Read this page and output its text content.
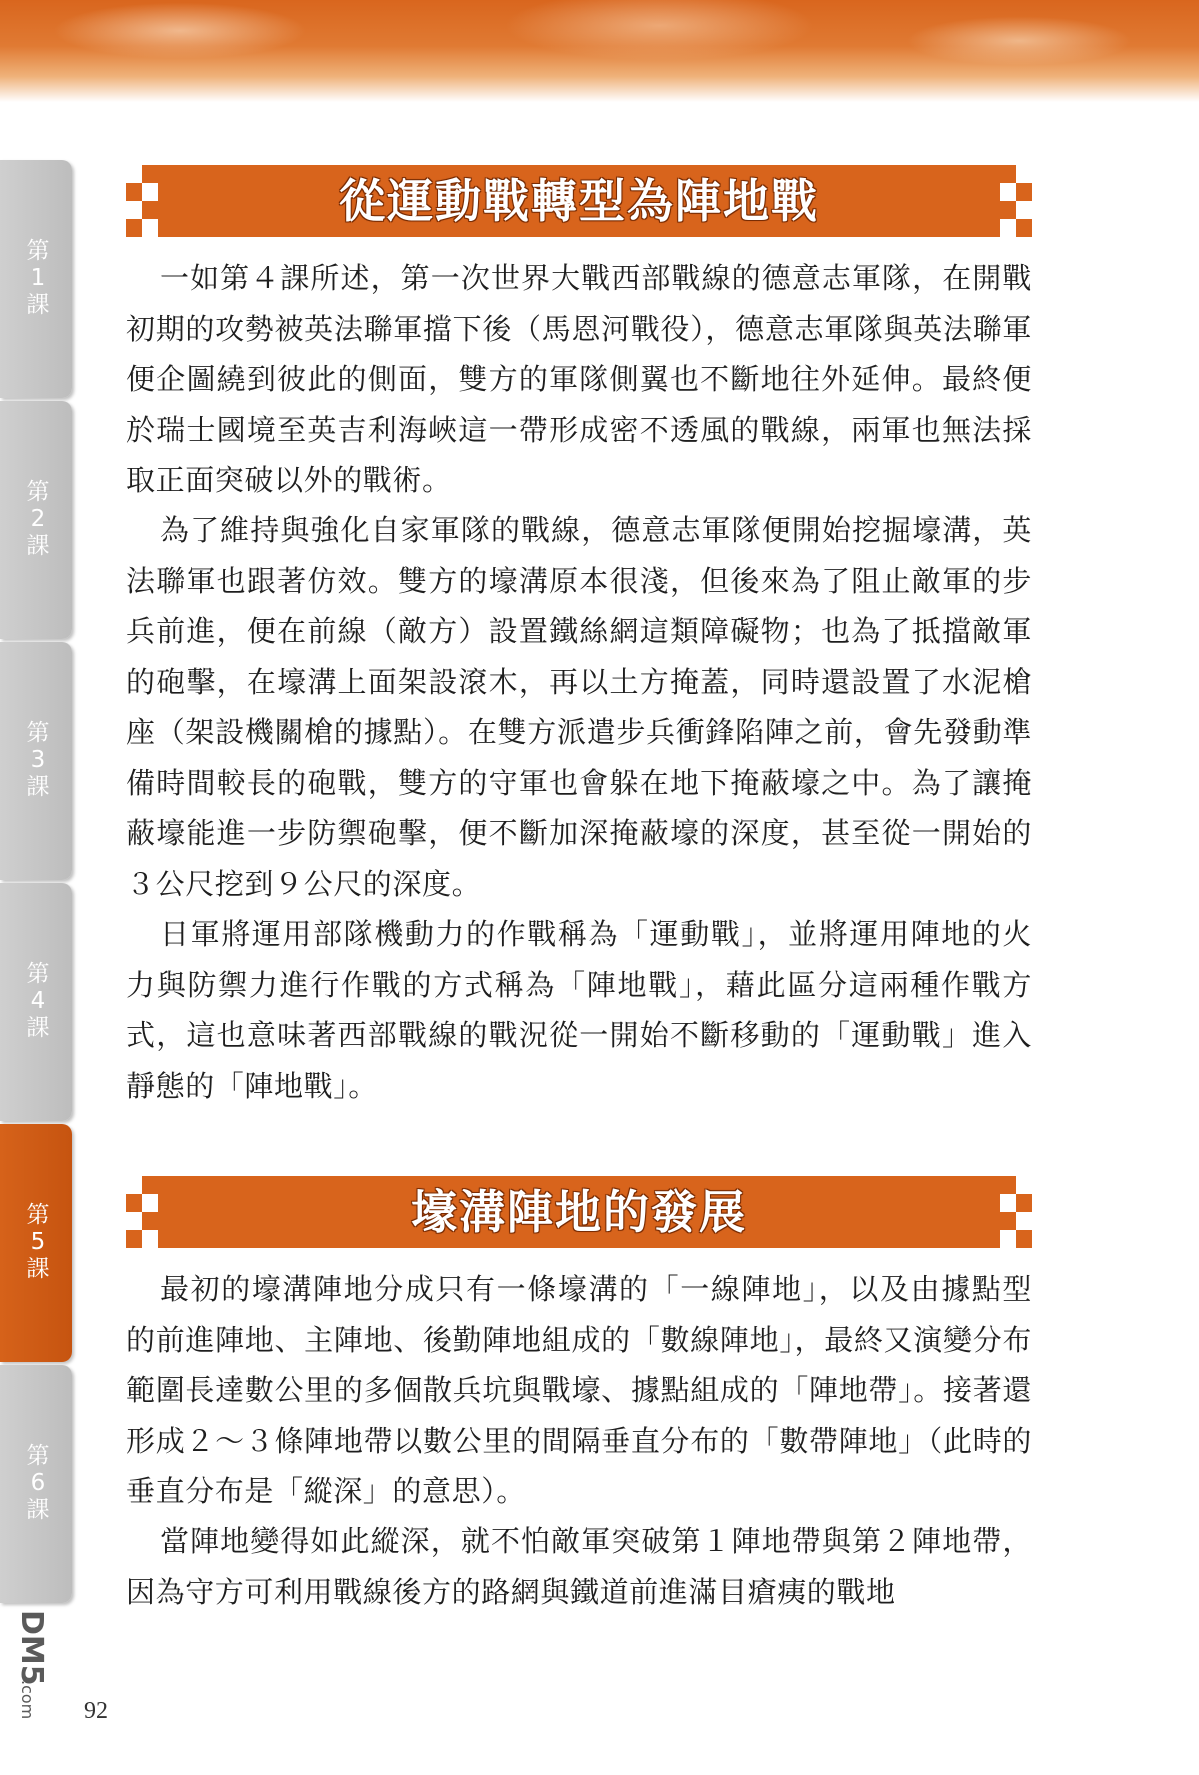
第
1
課
第
2
課
第
3
課
第
4
課
第
5
課
第
6
課
從運動戰轉型為陣地戰

一如第４課所述，第一次世界大戰西部戰線的德意志軍隊，在開戰初期的攻勢被英法聯軍擋下後（馬恩河戰役），德意志軍隊與英法聯軍便企圖繞到彼此的側面，雙方的軍隊側翼也不斷地往外延伸。最終便於瑞士國境至英吉利海峽這一帶形成密不透風的戰線，兩軍也無法採取正面突破以外的戰術。

為了維持與強化自家軍隊的戰線，德意志軍隊便開始挖掘壕溝，英法聯軍也跟著仿效。雙方的壕溝原本很淺，但後來為了阻止敵軍的步兵前進，便在前線（敵方）設置鐵絲網這類障礙物；也為了抵擋敵軍的砲擊，在壕溝上面架設滾木，再以土方掩蓋，同時還設置了水泥槍座（架設機關槍的據點）。在雙方派遣步兵衝鋒陷陣之前，會先發動準備時間較長的砲戰，雙方的守軍也會躲在地下掩蔽壕之中。為了讓掩蔽壕能進一步防禦砲擊，便不斷加深掩蔽壕的深度，甚至從一開始的３公尺挖到９公尺的深度。

日軍將運用部隊機動力的作戰稱為「運動戰」，並將運用陣地的火力與防禦力進行作戰的方式稱為「陣地戰」，藉此區分這兩種作戰方式，這也意味著西部戰線的戰況從一開始不斷移動的「運動戰」進入靜態的「陣地戰」。

壕溝陣地的發展

最初的壕溝陣地分成只有一條壕溝的「一線陣地」，以及由據點型的前進陣地、主陣地、後勤陣地組成的「數線陣地」，最終又演變分布範圍長達數公里的多個散兵坑與戰壕、據點組成的「陣地帶」。接著還形成２〜３條陣地帶以數公里的間隔垂直分布的「數帶陣地」（此時的垂直分布是「縱深」的意思）。

當陣地變得如此縱深，就不怕敵軍突破第１陣地帶與第２陣地帶，因為守方可利用戰線後方的路網與鐵道前進滿目瘡痍的戰地

92
DM5
.com
